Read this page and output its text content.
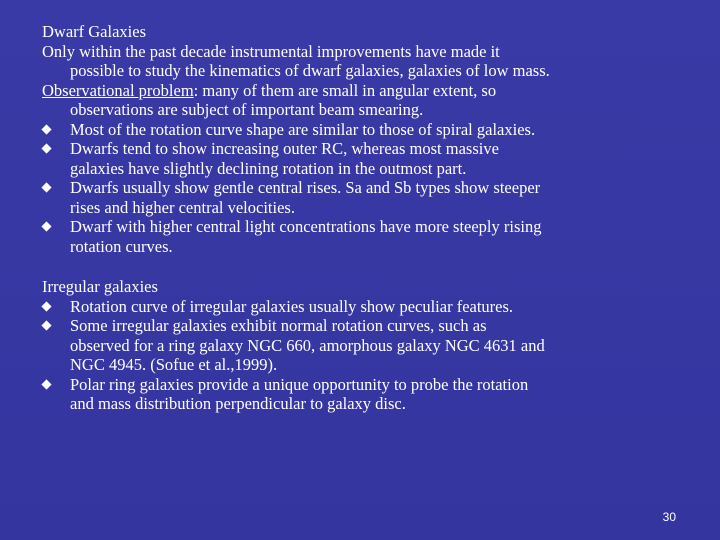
Dwarf Galaxies

Only within the past decade instrumental improvements have made it

possible to study the kinematics of dwarf galaxies, galaxies of low mass.

Observational problem: many of them are small in angular extent, so

observations are subject of important beam smearing.

Most of the rotation curve shape are similar to those of spiral galaxies.
Dwarfs tend to show increasing outer RC, whereas most massive
galaxies have slightly declining rotation in the outmost part.
Dwarfs usually show gentle central rises. Sa and Sb types show steeper
rises and higher central velocities.
Dwarf with higher central light concentrations have more steeply rising
rotation curves.

Irregular galaxies

Rotation curve of irregular galaxies usually show peculiar features.
Some irregular galaxies exhibit normal rotation curves, such as
observed for a ring galaxy NGC 660, amorphous galaxy NGC 4631 and
NGC 4945. (Sofue et al.,1999).
Polar ring galaxies provide a unique opportunity to probe the rotation
and mass distribution perpendicular to galaxy disc.
30
